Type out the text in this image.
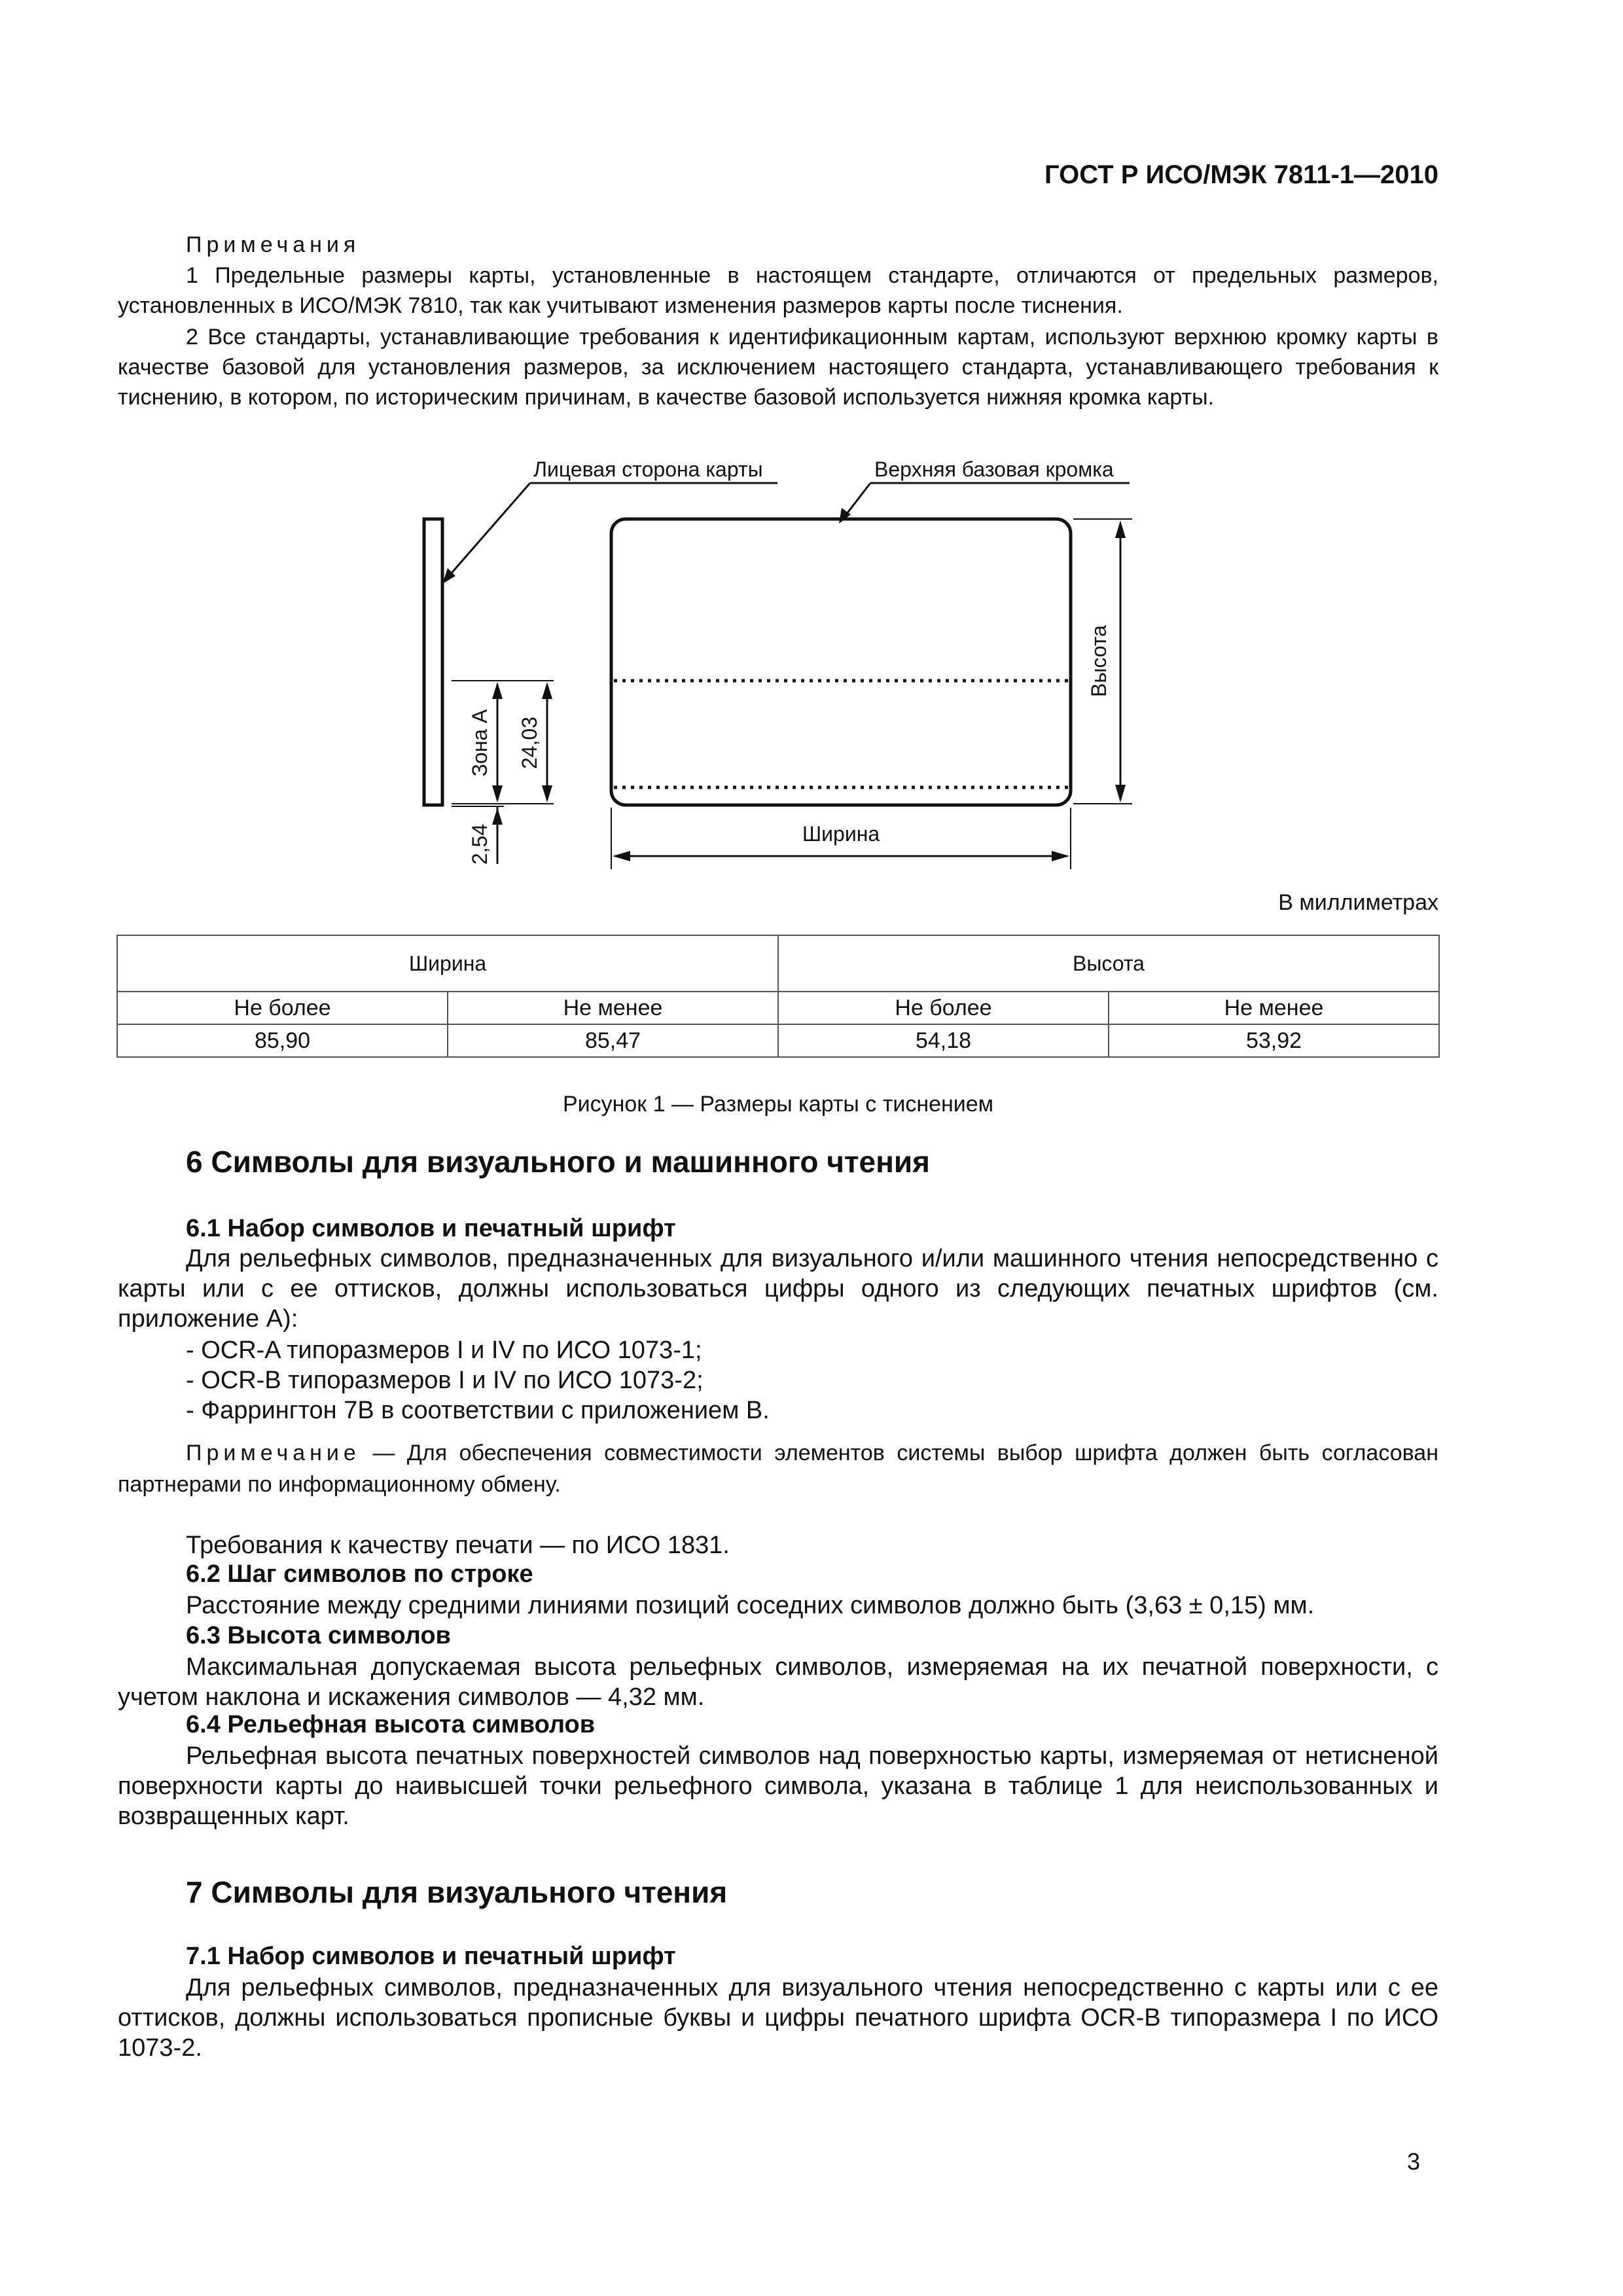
ГОСТ Р ИСО/МЭК 7811-1—2010
Примечания
1 Предельные размеры карты, установленные в настоящем стандарте, отличаются от предельных размеров, установленных в ИСО/МЭК 7810, так как учитывают изменения размеров карты после тиснения.
2 Все стандарты, устанавливающие требования к идентификационным картам, используют верхнюю кромку карты в качестве базовой для установления размеров, за исключением настоящего стандарта, устанавливающего требования к тиснению, в котором, по историческим причинам, в качестве базовой используется нижняя кромка карты.
Лицевая сторона карты	Верхняя базовая кромка
Ширина
Высота
Зона А 24,03
2,54
В миллиметрах
Ширина		Высота	
Не более	Не менее	Не более	Не менее
85,90	85,47	54,18	53,92
Рисунок 1 — Размеры карты с тиснением
6 Символы для визуального и машинного чтения
6.1 Набор символов и печатный шрифт
Для рельефных символов, предназначенных для визуального и/или машинного чтения непосредственно с карты или с ее оттисков, должны использоваться цифры одного из следующих печатных шрифтов (см. приложение А):
- OCR-A типоразмеров I и IV по ИСО 1073-1;
- OCR-B типоразмеров I и IV по ИСО 1073-2;
- Фаррингтон 7B в соответствии с приложением B.
Примечание — Для обеспечения совместимости элементов системы выбор шрифта должен быть согласован партнерами по информационному обмену.
Требования к качеству печати — по ИСО 1831.
6.2 Шаг символов по строке
Расстояние между средними линиями позиций соседних символов должно быть (3,63 ± 0,15) мм.
6.3 Высота символов
Максимальная допускаемая высота рельефных символов, измеряемая на их печатной поверхности, с учетом наклона и искажения символов — 4,32 мм.
6.4 Рельефная высота символов
Рельефная высота печатных поверхностей символов над поверхностью карты, измеряемая от нетисненой поверхности карты до наивысшей точки рельефного символа, указана в таблице 1 для неиспользованных и возвращенных карт.
7 Символы для визуального чтения
7.1 Набор символов и печатный шрифт
Для рельефных символов, предназначенных для визуального чтения непосредственно с карты или с ее оттисков, должны использоваться прописные буквы и цифры печатного шрифта OCR-B типоразмера I по ИСО 1073-2.
3
